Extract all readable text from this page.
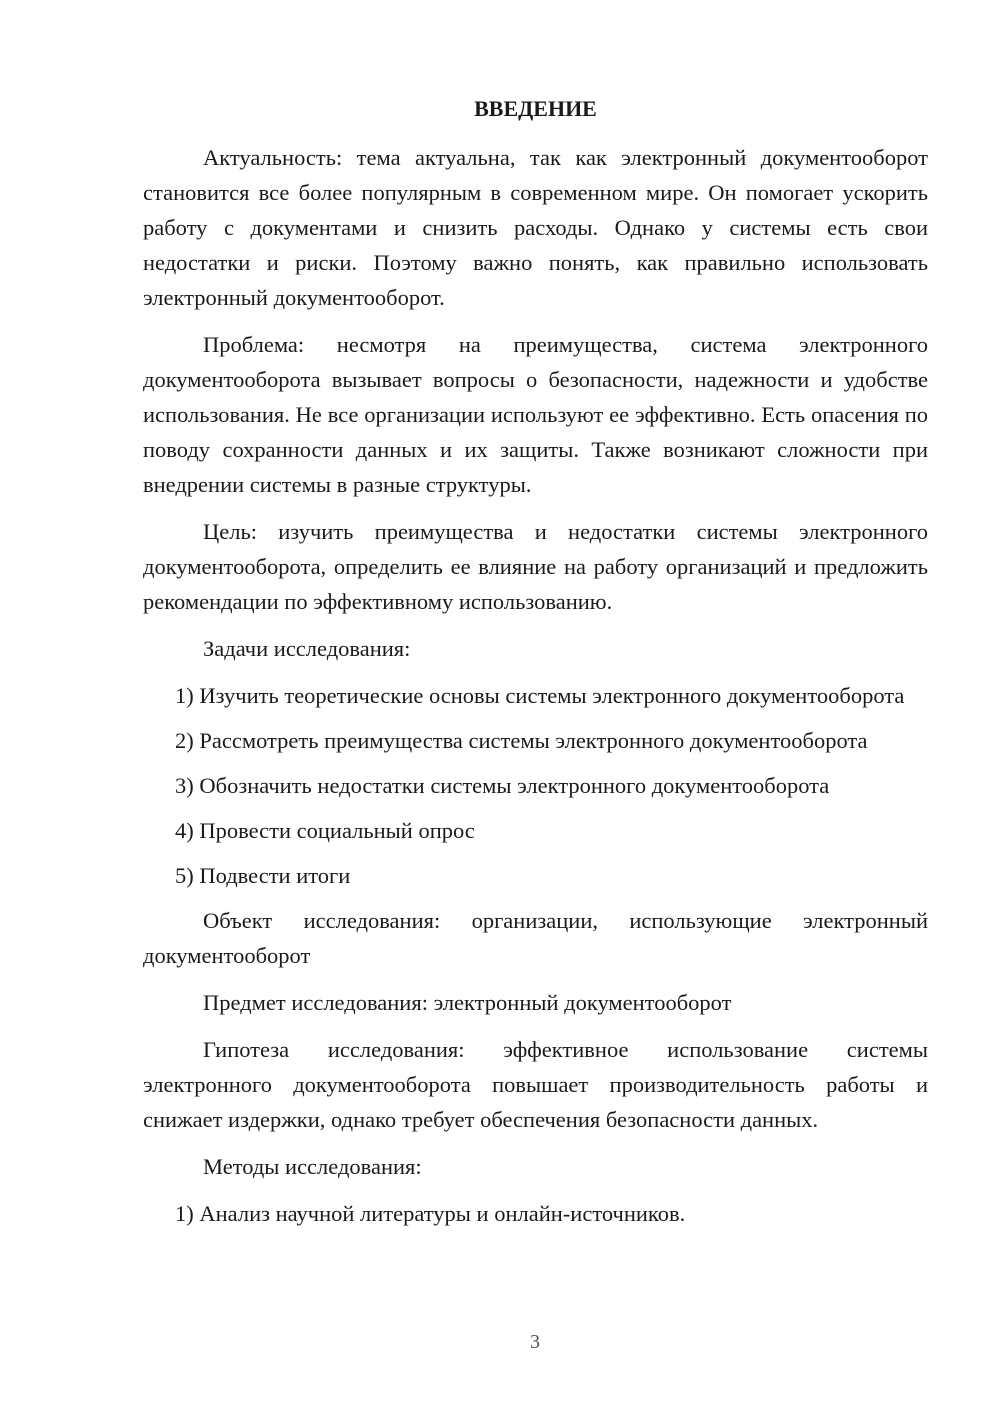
ВВЕДЕНИЕ

Актуальность: тема актуальна, так как электронный документооборот становится все более популярным в современном мире. Он помогает ускорить работу с документами и снизить расходы. Однако у системы есть свои недостатки и риски. Поэтому важно понять, как правильно использовать электронный документооборот.

Проблема: несмотря на преимущества, система электронного документооборота вызывает вопросы о безопасности, надежности и удобстве использования. Не все организации используют ее эффективно. Есть опасения по поводу сохранности данных и их защиты. Также возникают сложности при внедрении системы в разные структуры.

Цель: изучить преимущества и недостатки системы электронного документооборота, определить ее влияние на работу организаций и предложить рекомендации по эффективному использованию.

Задачи исследования:

1) Изучить теоретические основы системы электронного документооборота

2) Рассмотреть преимущества системы электронного документооборота

3) Обозначить недостатки системы электронного документооборота

4) Провести социальный опрос

5) Подвести итоги

Объект исследования: организации, использующие электронный документооборот

Предмет исследования: электронный документооборот

Гипотеза исследования: эффективное использование системы электронного документооборота повышает производительность работы и снижает издержки, однако требует обеспечения безопасности данных.

Методы исследования:

1) Анализ научной литературы и онлайн-источников.

3
